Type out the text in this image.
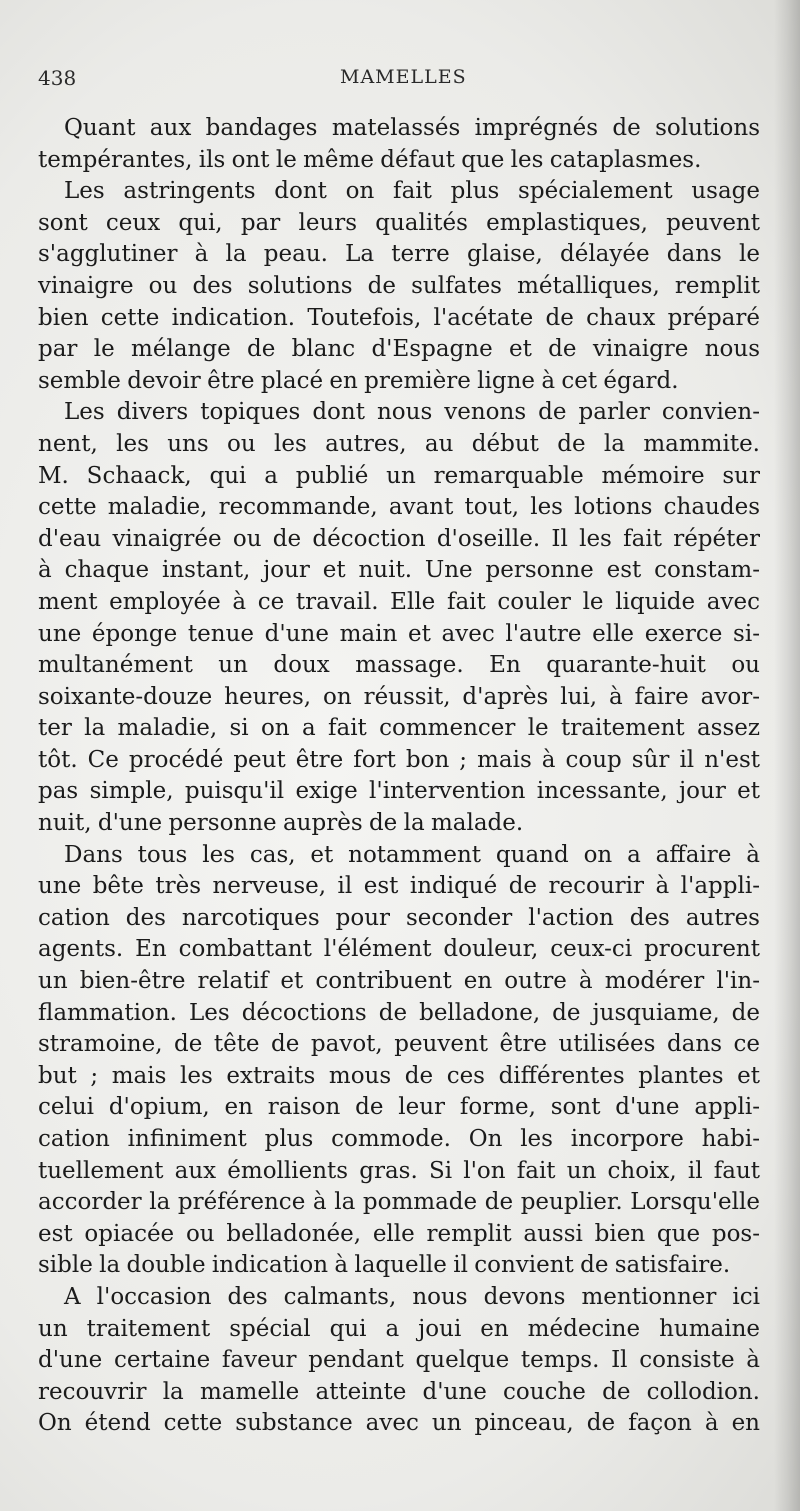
438	MAMELLES
Quant aux bandages matelassés imprégnés de solutions
tempérantes, ils ont le même défaut que les cataplasmes.
Les astringents dont on fait plus spécialement usage
sont ceux qui, par leurs qualités emplastiques, peuvent
s'agglutiner à la peau. La terre glaise, délayée dans le
vinaigre ou des solutions de sulfates métalliques, remplit
bien cette indication. Toutefois, l'acétate de chaux préparé
par le mélange de blanc d'Espagne et de vinaigre nous
semble devoir être placé en première ligne à cet égard.
Les divers topiques dont nous venons de parler convien-
nent, les uns ou les autres, au début de la mammite.
M. Schaack, qui a publié un remarquable mémoire sur
cette maladie, recommande, avant tout, les lotions chaudes
d'eau vinaigrée ou de décoction d'oseille. Il les fait répéter
à chaque instant, jour et nuit. Une personne est constam-
ment employée à ce travail. Elle fait couler le liquide avec
une éponge tenue d'une main et avec l'autre elle exerce si-
multanément un doux massage. En quarante-huit ou
soixante-douze heures, on réussit, d'après lui, à faire avor-
ter la maladie, si on a fait commencer le traitement assez
tôt. Ce procédé peut être fort bon ; mais à coup sûr il n'est
pas simple, puisqu'il exige l'intervention incessante, jour et
nuit, d'une personne auprès de la malade.
Dans tous les cas, et notamment quand on a affaire à
une bête très nerveuse, il est indiqué de recourir à l'appli-
cation des narcotiques pour seconder l'action des autres
agents. En combattant l'élément douleur, ceux-ci procurent
un bien-être relatif et contribuent en outre à modérer l'in-
flammation. Les décoctions de belladone, de jusquiame, de
stramoine, de tête de pavot, peuvent être utilisées dans ce
but ; mais les extraits mous de ces différentes plantes et
celui d'opium, en raison de leur forme, sont d'une appli-
cation infiniment plus commode. On les incorpore habi-
tuellement aux émollients gras. Si l'on fait un choix, il faut
accorder la préférence à la pommade de peuplier. Lorsqu'elle
est opiacée ou belladonée, elle remplit aussi bien que pos-
sible la double indication à laquelle il convient de satisfaire.
A l'occasion des calmants, nous devons mentionner ici
un traitement spécial qui a joui en médecine humaine
d'une certaine faveur pendant quelque temps. Il consiste à
recouvrir la mamelle atteinte d'une couche de collodion.
On étend cette substance avec un pinceau, de façon à en
